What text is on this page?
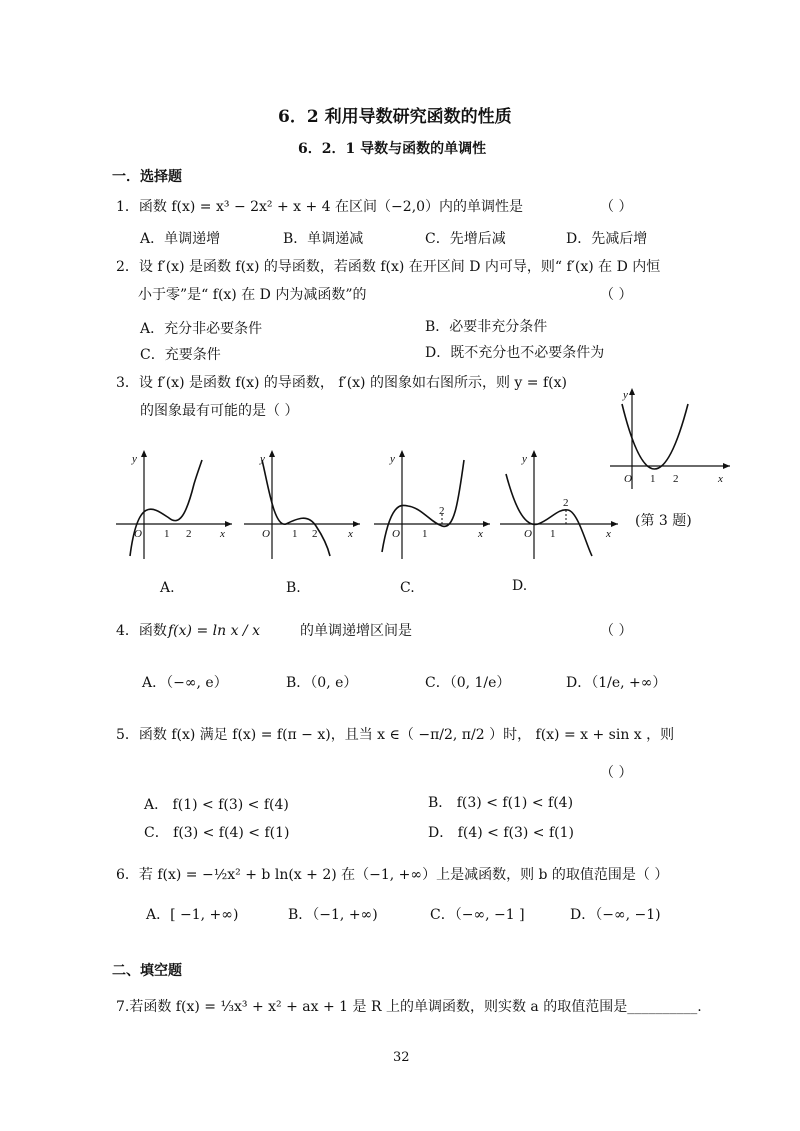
6．2 利用导数研究函数的性质
6．2．1 导数与函数的单调性
一．选择题
1．函数 f(x) = x³ − 2x² + x + 4 在区间（−2,0）内的单调性是	（ ）
A．单调递增	B．单调递减	C．先增后减	D．先减后增
2．设 f′(x) 是函数 f(x) 的导函数，若函数 f(x) 在开区间 D 内可导，则“ f′(x) 在 D 内恒
小于零”是“ f(x) 在 D 内为减函数”的	（ ）
A．充分非必要条件	B．必要非充分条件
C．充要条件	D．既不充分也不必要条件为
3．设 f′(x) 是函数 f(x) 的导函数， f′(x) 的图象如右图所示，则 y = f(x)
的图象最有可能的是（ ）
y
x
O 1 2
(第 3 题)
y
x
O 1 2
A.
y
x
O 1 2
B.
y
x
O 1
2
C.
y
x
O 1
2
D.
4．函数 f(x) = ln x / x	的单调递增区间是	（ ）
A．（−∞, e）	B．（0, e）	C．（0, 1/e）	D．（1/e, +∞）
5．函数 f(x) 满足 f(x) = f(π − x)，且当 x ∈（ −π/2, π/2 ）时， f(x) = x + sin x ，则
（ ）
A． f(1) < f(3) < f(4)	B． f(3) < f(1) < f(4)
C． f(3) < f(4) < f(1)	D． f(4) < f(3) < f(1)
6．若 f(x) = −½x² + b ln(x + 2) 在（−1, +∞）上是减函数，则 b 的取值范围是（ ）
A．[ −1, +∞)	B．（−1, +∞)	C．（−∞, −1 ]	D．（−∞, −1)
二、填空题
7.若函数 f(x) = ⅓x³ + x² + ax + 1 是 R 上的单调函数，则实数 a 的取值范围是__________.
32
